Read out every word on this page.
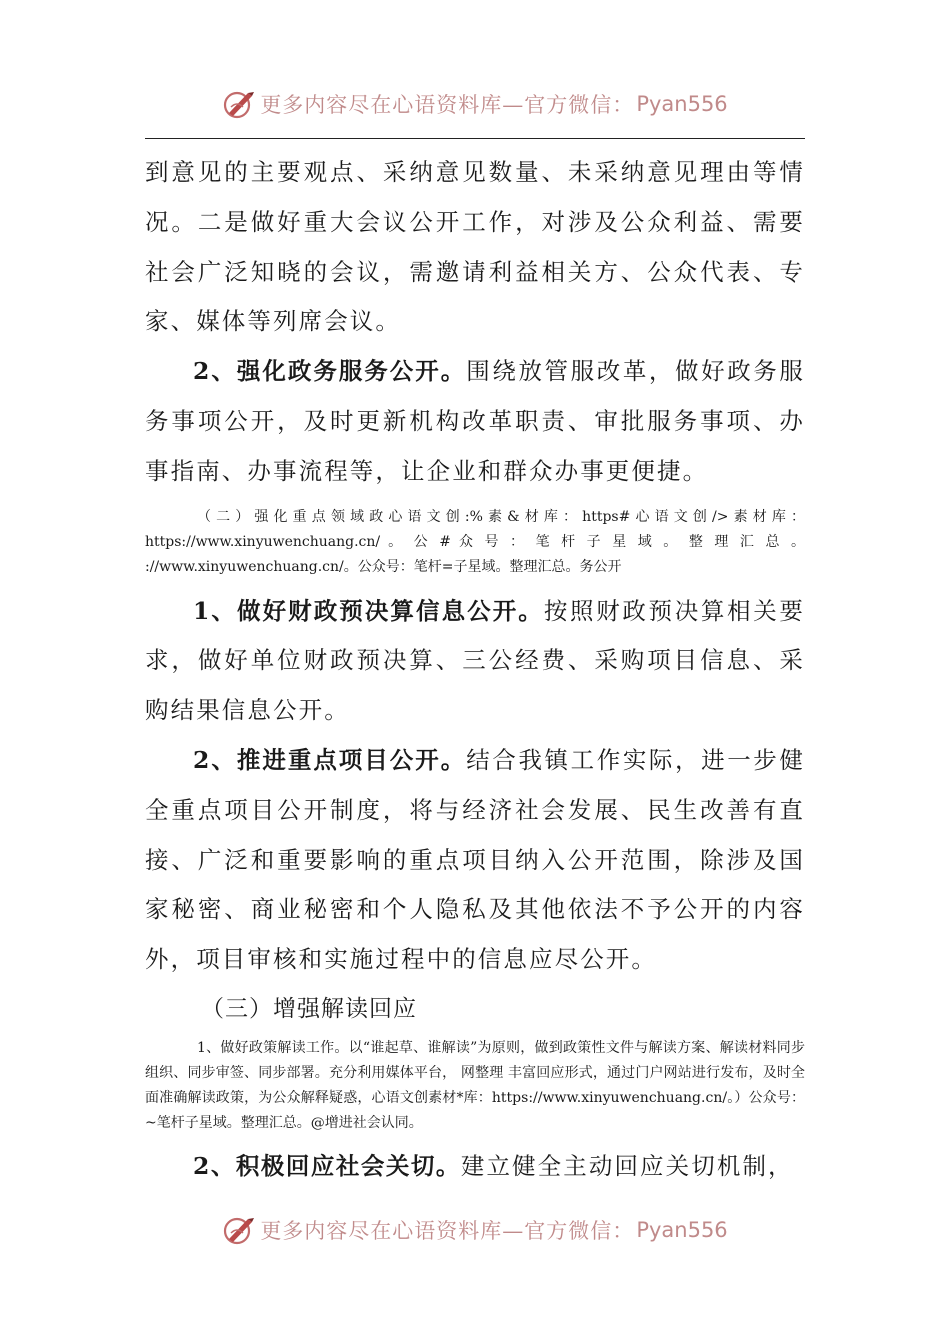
更多内容尽在心语资料库—官方微信： Pyan556

到意见的主要观点、采纳意见数量、未采纳意见理由等情况。二是做好重大会议公开工作，对涉及公众利益、需要社会广泛知晓的会议，需邀请利益相关方、公众代表、专家、媒体等列席会议。

2、强化政务服务公开。围绕放管服改革，做好政务服务事项公开，及时更新机构改革职责、审批服务事项、办事指南、办事流程等，让企业和群众办事更便捷。

（二）强化重点领域政心语文创:%素&材库：https#心语文创/>素材库：https://www.xinyuwenchuang.cn/ 。 公 # 众 号 ： 笔 杆 子 星 域 。 整 理 汇 总 。 ://www.xinyuwenchuang.cn/。公众号：笔杆=子星域。整理汇总。务公开

1、做好财政预决算信息公开。按照财政预决算相关要求，做好单位财政预决算、三公经费、采购项目信息、采购结果信息公开。

2、推进重点项目公开。结合我镇工作实际，进一步健全重点项目公开制度，将与经济社会发展、民生改善有直接、广泛和重要影响的重点项目纳入公开范围，除涉及国家秘密、商业秘密和个人隐私及其他依法不予公开的内容外，项目审核和实施过程中的信息应尽公开。

（三）增强解读回应

1、做好政策解读工作。以“谁起草、谁解读”为原则，做到政策性文件与解读方案、解读材料同步组织、同步审签、同步部署。充分利用媒体平台， 网整理 丰富回应形式，通过门户网站进行发布，及时全面准确解读政策，为公众解释疑惑，心语文创素材*库：https://www.xinyuwenchuang.cn/。）公众号：~笔杆子星域。整理汇总。@增进社会认同。

2、积极回应社会关切。建立健全主动回应关切机制，

更多内容尽在心语资料库—官方微信： Pyan556
